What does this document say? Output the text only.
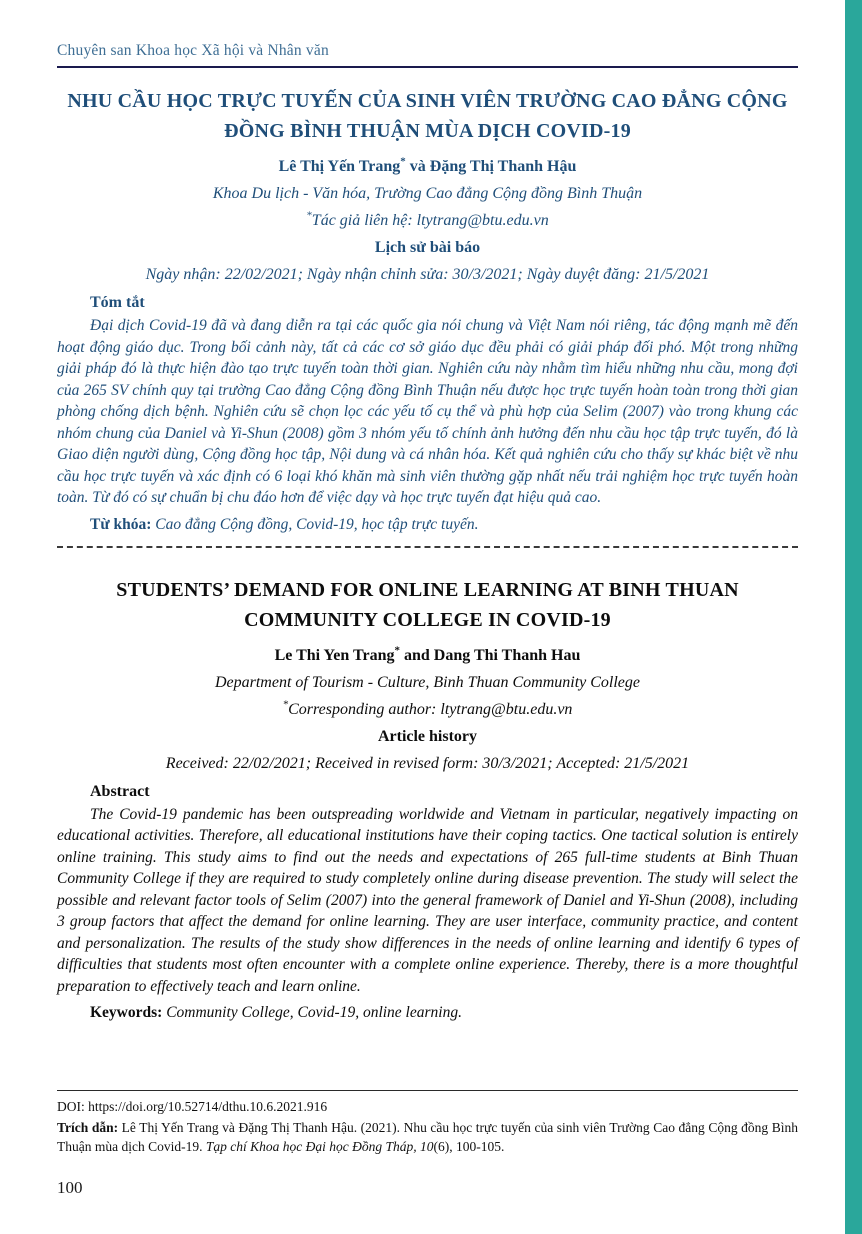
Chuyên san Khoa học Xã hội và Nhân văn
NHU CẦU HỌC TRỰC TUYẾN CỦA SINH VIÊN TRƯỜNG CAO ĐẲNG CỘNG ĐỒNG BÌNH THUẬN MÙA DỊCH COVID-19
Lê Thị Yến Trang* và Đặng Thị Thanh Hậu
Khoa Du lịch - Văn hóa, Trường Cao đẳng Cộng đồng Bình Thuận
*Tác giả liên hệ: ltytrang@btu.edu.vn
Lịch sử bài báo
Ngày nhận: 22/02/2021; Ngày nhận chỉnh sửa: 30/3/2021; Ngày duyệt đăng: 21/5/2021
Tóm tắt
Đại dịch Covid-19 đã và đang diễn ra tại các quốc gia nói chung và Việt Nam nói riêng, tác động mạnh mẽ đến hoạt động giáo dục. Trong bối cảnh này, tất cả các cơ sở giáo dục đều phải có giải pháp đối phó. Một trong những giải pháp đó là thực hiện đào tạo trực tuyến toàn thời gian. Nghiên cứu này nhằm tìm hiểu những nhu cầu, mong đợi của 265 SV chính quy tại trường Cao đẳng Cộng đồng Bình Thuận nếu được học trực tuyến hoàn toàn trong thời gian phòng chống dịch bệnh. Nghiên cứu sẽ chọn lọc các yếu tố cụ thể và phù hợp của Selim (2007) vào trong khung các nhóm chung của Daniel và Yi-Shun (2008) gồm 3 nhóm yếu tố chính ảnh hưởng đến nhu cầu học tập trực tuyến, đó là Giao diện người dùng, Cộng đồng học tập, Nội dung và cá nhân hóa. Kết quả nghiên cứu cho thấy sự khác biệt về nhu cầu học trực tuyến và xác định có 6 loại khó khăn mà sinh viên thường gặp nhất nếu trải nghiệm học trực tuyến hoàn toàn. Từ đó có sự chuẩn bị chu đáo hơn để việc dạy và học trực tuyến đạt hiệu quả cao.
Từ khóa: Cao đẳng Cộng đồng, Covid-19, học tập trực tuyến.
STUDENTS’ DEMAND FOR ONLINE LEARNING AT BINH THUAN COMMUNITY COLLEGE IN COVID-19
Le Thi Yen Trang* and Dang Thi Thanh Hau
Department of Tourism - Culture, Binh Thuan Community College
*Corresponding author: ltytrang@btu.edu.vn
Article history
Received: 22/02/2021; Received in revised form: 30/3/2021; Accepted: 21/5/2021
Abstract
The Covid-19 pandemic has been outspreading worldwide and Vietnam in particular, negatively impacting on educational activities. Therefore, all educational institutions have their coping tactics. One tactical solution is entirely online training. This study aims to find out the needs and expectations of 265 full-time students at Binh Thuan Community College if they are required to study completely online during disease prevention. The study will select the possible and relevant factor tools of Selim (2007) into the general framework of Daniel and Yi-Shun (2008), including 3 group factors that affect the demand for online learning. They are user interface, community practice, and content and personalization. The results of the study show differences in the needs of online learning and identify 6 types of difficulties that students most often encounter with a complete online experience. Thereby, there is a more thoughtful preparation to effectively teach and learn online.
Keywords: Community College, Covid-19, online learning.
DOI: https://doi.org/10.52714/dthu.10.6.2021.916
Trích dẫn: Lê Thị Yến Trang và Đặng Thị Thanh Hậu. (2021). Nhu cầu học trực tuyến của sinh viên Trường Cao đẳng Cộng đồng Bình Thuận mùa dịch Covid-19. Tạp chí Khoa học Đại học Đồng Tháp, 10(6), 100-105.
100
